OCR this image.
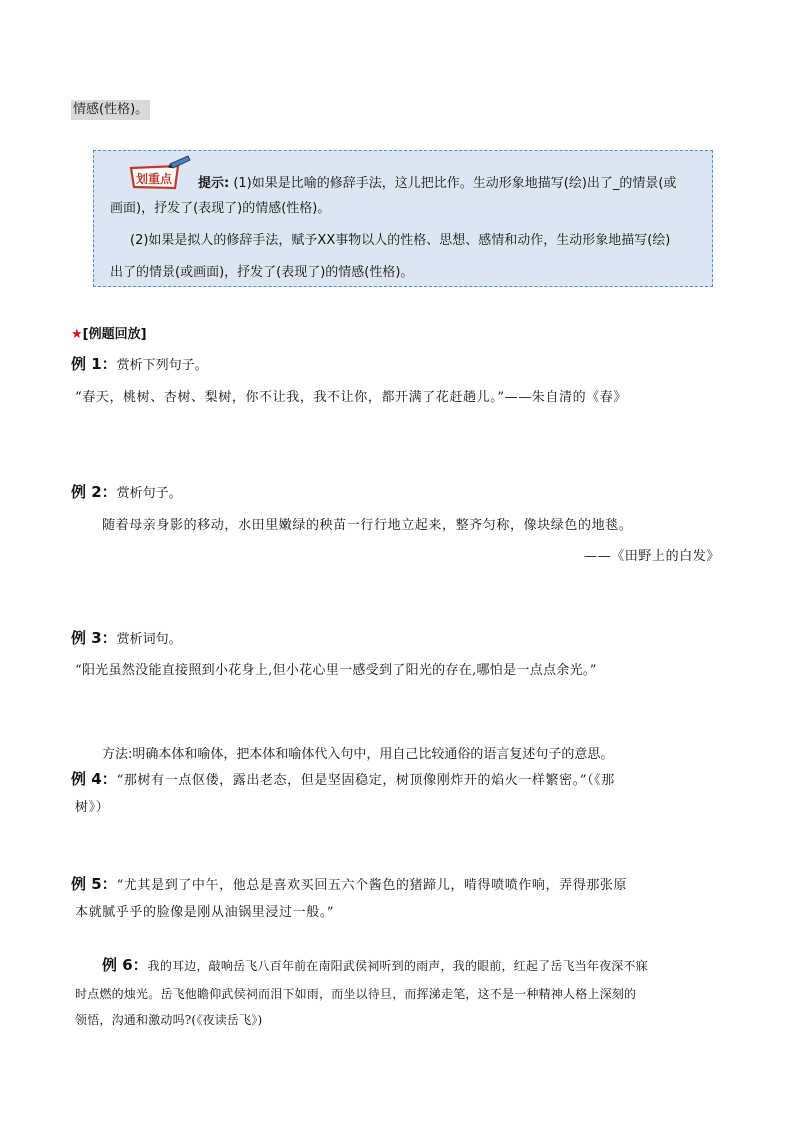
情感(性格)。
划重点 提示: (1)如果是比喻的修辞手法，这儿把比作。生动形象地描写(绘)出了_的情景(或
画面)，抒发了(表现了)的情感(性格)。
(2)如果是拟人的修辞手法，赋予XX事物以人的性格、思想、感情和动作，生动形象地描写(绘)
出了的情景(或画面)，抒发了(表现了)的情感(性格)。
★[例题回放]
例 1：赏析下列句子。
“春天，桃树、杏树、梨树，你不让我，我不让你，都开满了花赶趟儿。”——朱自清的《春》
例 2：赏析句子。
随着母亲身影的移动，水田里嫩绿的秧苗一行行地立起来，整齐匀称，像块绿色的地毯。
——《田野上的白发》
例 3：赏析词句。
“阳光虽然没能直接照到小花身上,但小花心里一感受到了阳光的存在,哪怕是一点点余光。”
方法:明确本体和喻体，把本体和喻体代入句中，用自己比较通俗的语言复述句子的意思。
例 4：“那树有一点伛偻，露出老态，但是坚固稳定，树顶像刚炸开的焰火一样繁密。”（《那
树》）
例 5：“尤其是到了中午，他总是喜欢买回五六个酱色的猪蹄儿，啃得喷喷作响，弄得那张原
本就腻乎乎的脸像是刚从油锅里浸过一般。”
例 6：我的耳边，敲响岳飞八百年前在南阳武侯祠听到的雨声，我的眼前，红起了岳飞当年夜深不寐
时点燃的烛光。岳飞他瞻仰武侯祠而泪下如雨，而坐以待旦，而挥涕走笔，这不是一种精神人格上深刻的
领悟，沟通和激动吗?(《夜读岳飞》)
